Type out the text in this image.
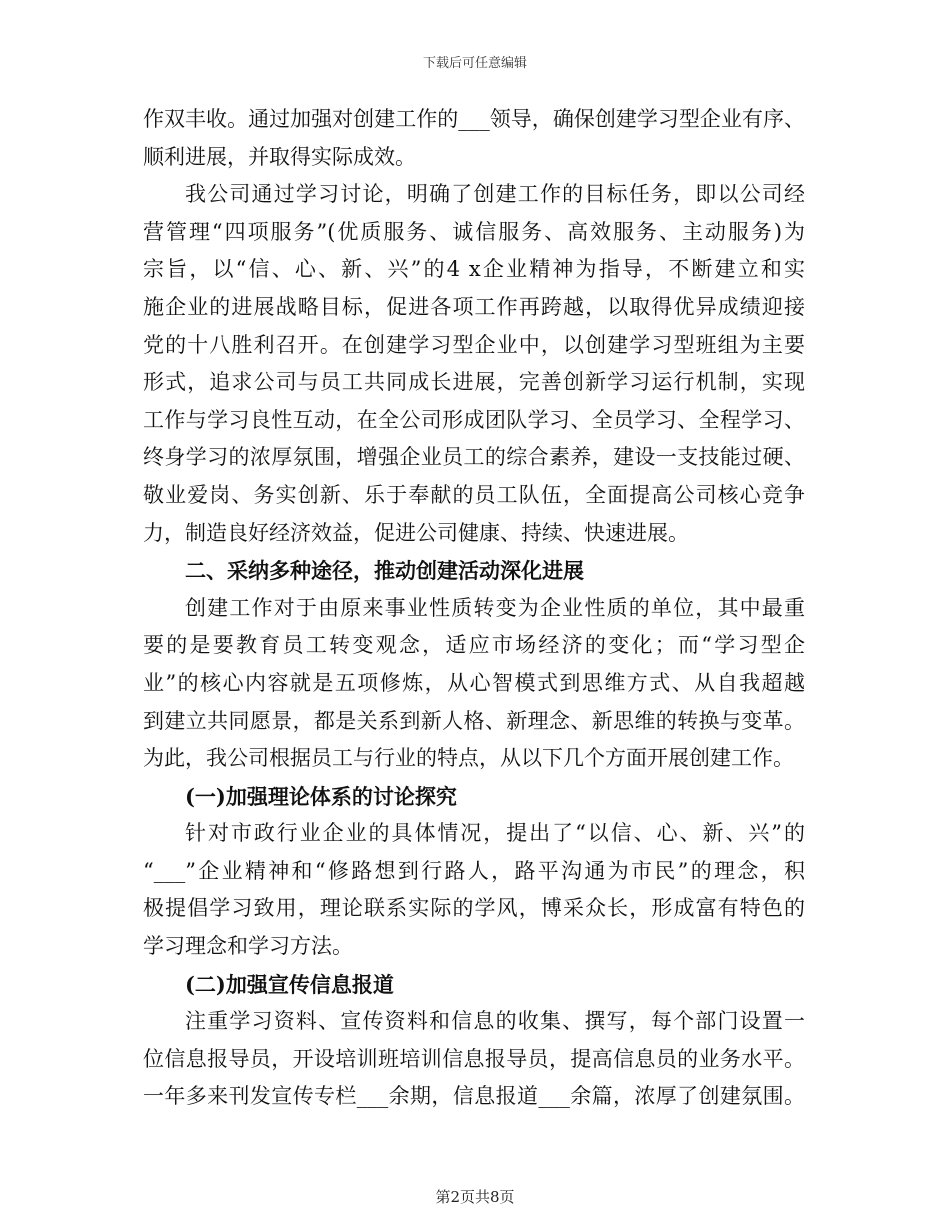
下载后可任意编辑
作双丰收。通过加强对创建工作的___领导，确保创建学习型企业有序、
顺利进展，并取得实际成效。
我公司通过学习讨论，明确了创建工作的目标任务，即以公司经
营管理“四项服务”(优质服务、诚信服务、高效服务、主动服务)为
宗旨，以“信、心、新、兴”的4 x企业精神为指导，不断建立和实
施企业的进展战略目标，促进各项工作再跨越，以取得优异成绩迎接
党的十八胜利召开。在创建学习型企业中，以创建学习型班组为主要
形式，追求公司与员工共同成长进展，完善创新学习运行机制，实现
工作与学习良性互动，在全公司形成团队学习、全员学习、全程学习、
终身学习的浓厚氛围，增强企业员工的综合素养，建设一支技能过硬、
敬业爱岗、务实创新、乐于奉献的员工队伍，全面提高公司核心竞争
力，制造良好经济效益，促进公司健康、持续、快速进展。
二、采纳多种途径，推动创建活动深化进展
创建工作对于由原来事业性质转变为企业性质的单位，其中最重
要的是要教育员工转变观念，适应市场经济的变化；而“学习型企
业”的核心内容就是五项修炼，从心智模式到思维方式、从自我超越
到建立共同愿景，都是关系到新人格、新理念、新思维的转换与变革。
为此，我公司根据员工与行业的特点，从以下几个方面开展创建工作。
(一)加强理论体系的讨论探究
针对市政行业企业的具体情况，提出了“以信、心、新、兴”的
“___”企业精神和“修路想到行路人，路平沟通为市民”的理念，积
极提倡学习致用，理论联系实际的学风，博采众长，形成富有特色的
学习理念和学习方法。
(二)加强宣传信息报道
注重学习资料、宣传资料和信息的收集、撰写，每个部门设置一
位信息报导员，开设培训班培训信息报导员，提高信息员的业务水平。
一年多来刊发宣传专栏___余期，信息报道___余篇，浓厚了创建氛围。
第2页共8页
